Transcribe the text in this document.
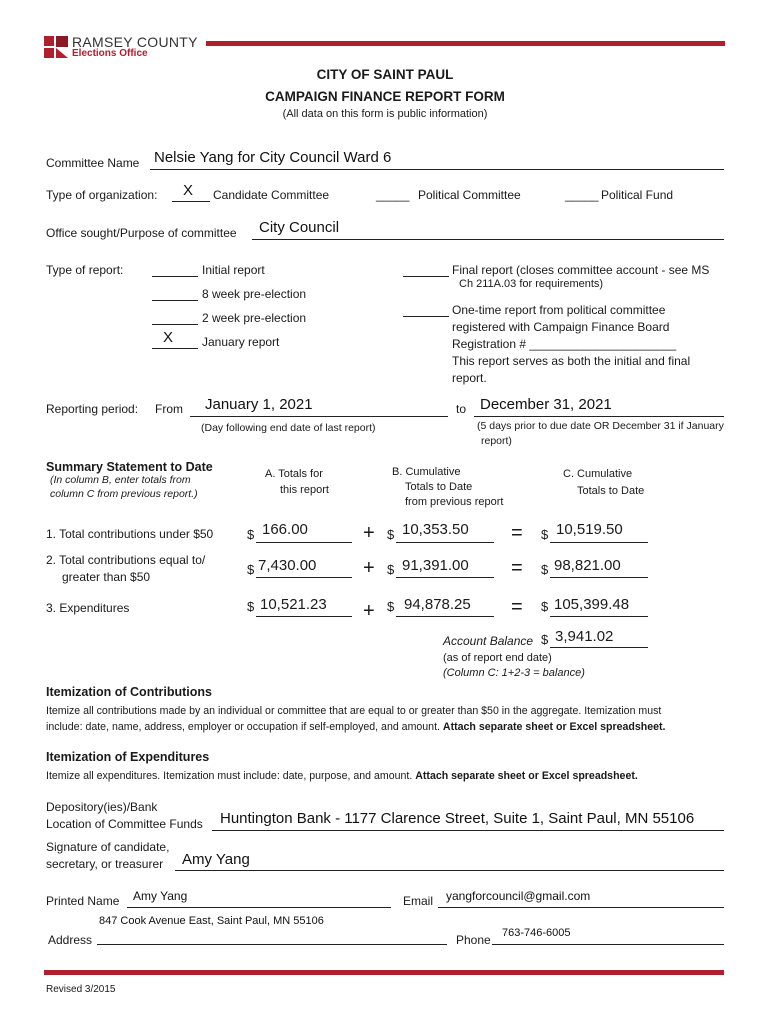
RAMSEY COUNTY
Elections Office
CITY OF SAINT PAUL
CAMPAIGN FINANCE REPORT FORM
(All data on this form is public information)
Committee Name Nelsie Yang for City Council Ward 6
Type of organization: X Candidate Committee	_____ Political Committee	_____ Political Fund
Office sought/Purpose of committee City Council
Type of report:	Initial report
8 week pre-election
2 week pre-election
X January report
Final report (closes committee account - see MS
Ch 211A.03 for requirements)
One-time report from political committee
registered with Campaign Finance Board
Registration # ______________________
This report serves as both the initial and final
report.
Reporting period: From January 1, 2021	to December 31, 2021
(Day following end date of last report)	(5 days prior to due date OR December 31 if January
report)
Summary Statement to Date
(In column B, enter totals from
column C from previous report.)
A. Totals for
this report
B. Cumulative
Totals to Date
from previous report
C. Cumulative
Totals to Date
1. Total contributions under $50	$ 166.00	+ $ 10,353.50 = $ 10,519.50
2. Total contributions equal to/
greater than $50	$ 7,430.00 + $ 91,391.00 = $ 98,821.00
3. Expenditures	$ 10,521.23 + $ 94,878.25 = $ 105,399.48
Account Balance $ 3,941.02
(as of report end date)
(Column C: 1+2-3 = balance)
Itemization of Contributions
Itemize all contributions made by an individual or committee that are equal to or greater than $50 in the aggregate. Itemization must
include: date, name, address, employer or occupation if self-employed, and amount. Attach separate sheet or Excel spreadsheet.
Itemization of Expenditures
Itemize all expenditures. Itemization must include: date, purpose, and amount. Attach separate sheet or Excel spreadsheet.
Depository(ies)/Bank
Location of Committee Funds Huntington Bank - 1177 Clarence Street, Suite 1, Saint Paul, MN 55106
Signature of candidate,
secretary, or treasurer Amy Yang
Printed Name Amy Yang	Email yangforcouncil@gmail.com
847 Cook Avenue East, Saint Paul, MN 55106
Address	763-746-6005
Phone
Revised 3/2015
